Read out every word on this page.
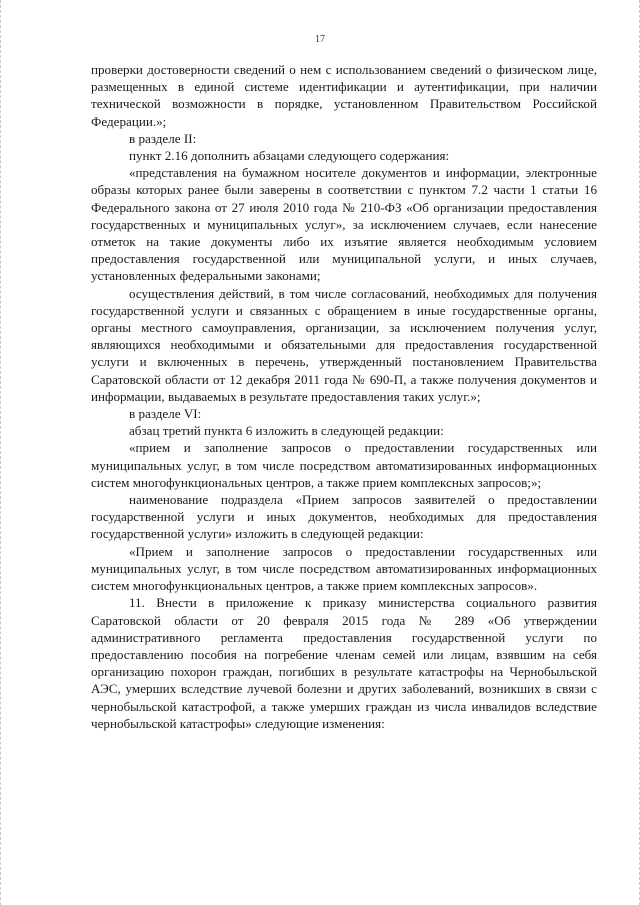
17

проверки достоверности сведений о нем с использованием сведений о физическом лице, размещенных в единой системе идентификации и аутентификации, при наличии технической возможности в порядке, установленном Правительством Российской Федерации.»;

в разделе II:

пункт 2.16 дополнить абзацами следующего содержания:

«представления на бумажном носителе документов и информации, электронные образы которых ранее были заверены в соответствии с пунктом 7.2 части 1 статьи 16 Федерального закона от 27 июля 2010 года № 210-ФЗ «Об организации предоставления государственных и муниципальных услуг», за исключением случаев, если нанесение отметок на такие документы либо их изъятие является необходимым условием предоставления государственной или муниципальной услуги, и иных случаев, установленных федеральными законами;

осуществления действий, в том числе согласований, необходимых для получения государственной услуги и связанных с обращением в иные государственные органы, органы местного самоуправления, организации, за исключением получения услуг, являющихся необходимыми и обязательными для предоставления государственной услуги и включенных в перечень, утвержденный постановлением Правительства Саратовской области от 12 декабря 2011 года № 690-П, а также получения документов и информации, выдаваемых в результате предоставления таких услуг.»;

в разделе VI:

абзац третий пункта 6 изложить в следующей редакции:

«прием и заполнение запросов о предоставлении государственных или муниципальных услуг, в том числе посредством автоматизированных информационных систем многофункциональных центров, а также прием комплексных запросов;»;

наименование подраздела «Прием запросов заявителей о предоставлении государственной услуги и иных документов, необходимых для предоставления государственной услуги» изложить в следующей редакции:

«Прием и заполнение запросов о предоставлении государственных или муниципальных услуг, в том числе посредством автоматизированных информационных систем многофункциональных центров, а также прием комплексных запросов».

11. Внести в приложение к приказу министерства социального развития Саратовской области от 20 февраля 2015 года № 289 «Об утверждении административного регламента предоставления государственной услуги по предоставлению пособия на погребение членам семей или лицам, взявшим на себя организацию похорон граждан, погибших в результате катастрофы на Чернобыльской АЭС, умерших вследствие лучевой болезни и других заболеваний, возникших в связи с чернобыльской катастрофой, а также умерших граждан из числа инвалидов вследствие чернобыльской катастрофы» следующие изменения:
